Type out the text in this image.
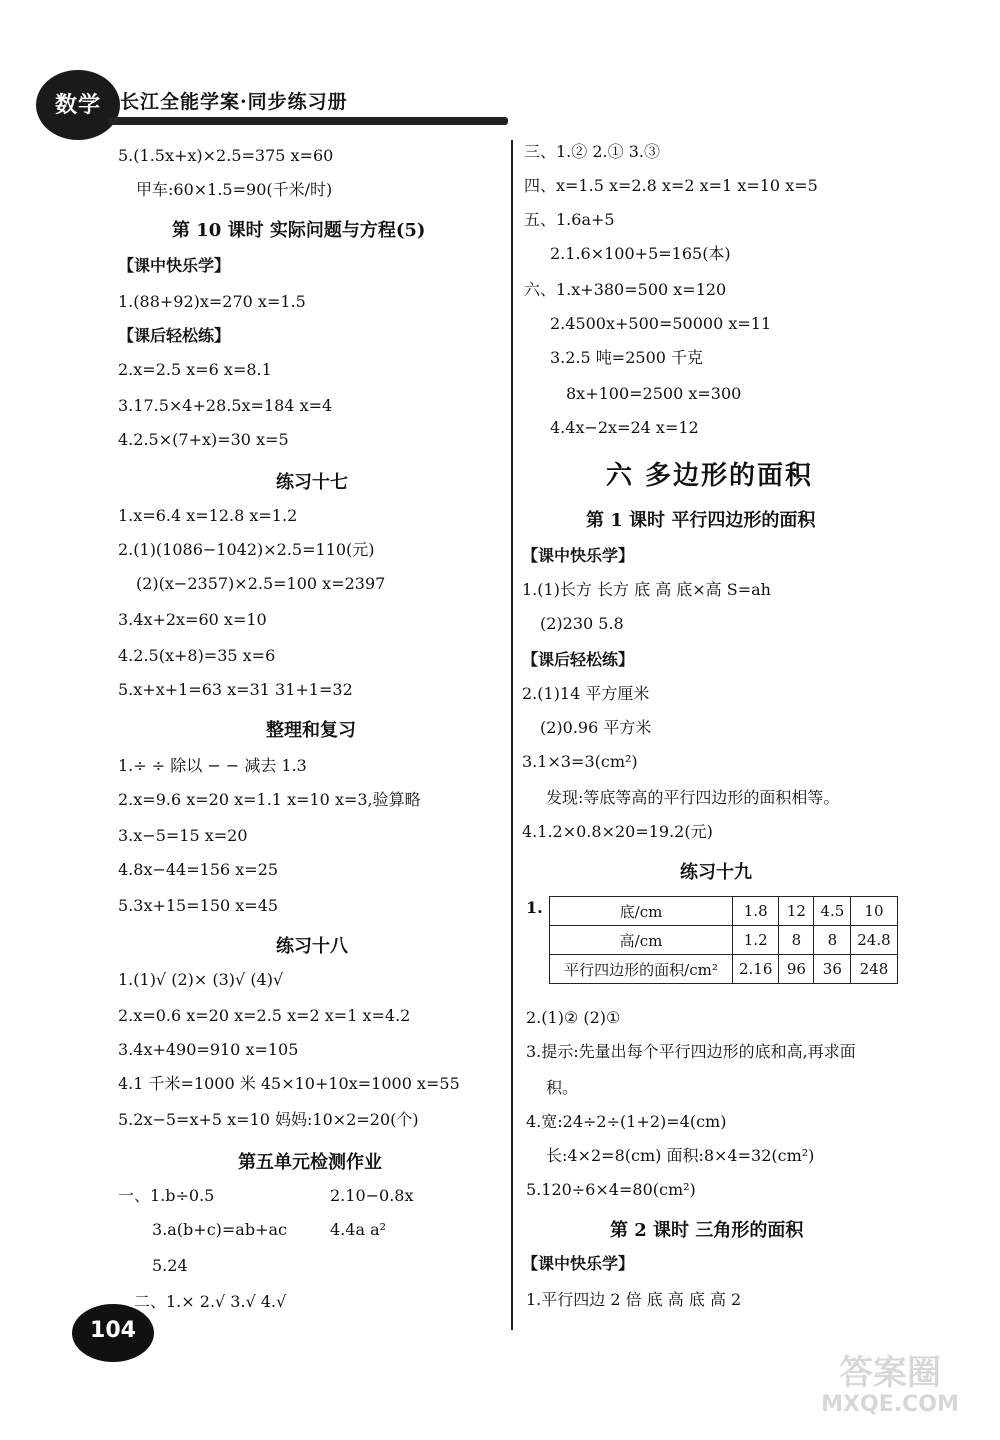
数学	长江全能学案·同步练习册
5.(1.5x+x)×2.5=375 x=60
甲车:60×1.5=90(千米/时)
第 10 课时 实际问题与方程(5)
【课中快乐学】
1.(88+92)x=270 x=1.5
【课后轻松练】
2.x=2.5 x=6 x=8.1
3.17.5×4+28.5x=184 x=4
4.2.5×(7+x)=30 x=5
练习十七
1.x=6.4 x=12.8 x=1.2
2.(1)(1086−1042)×2.5=110(元)
(2)(x−2357)×2.5=100 x=2397
3.4x+2x=60 x=10
4.2.5(x+8)=35 x=6
5.x+x+1=63 x=31 31+1=32
整理和复习
1.÷ ÷ 除以 − − 减去 1.3
2.x=9.6 x=20 x=1.1 x=10 x=3,验算略
3.x−5=15 x=20
4.8x−44=156 x=25
5.3x+15=150 x=45
练习十八
1.(1)√ (2)× (3)√ (4)√
2.x=0.6 x=20 x=2.5 x=2 x=1 x=4.2
3.4x+490=910 x=105
4.1 千米=1000 米 45×10+10x=1000 x=55
5.2x−5=x+5 x=10 妈妈:10×2=20(个)
第五单元检测作业
一、1.b÷0.5	2.10−0.8x
3.a(b+c)=ab+ac	4.4a a²
5.24
二、1.× 2.√ 3.√ 4.√
三、1.② 2.① 3.③
四、x=1.5 x=2.8 x=2 x=1 x=10 x=5
五、1.6a+5
2.1.6×100+5=165(本)
六、1.x+380=500 x=120
2.4500x+500=50000 x=11
3.2.5 吨=2500 千克
8x+100=2500 x=300
4.4x−2x=24 x=12
六 多边形的面积
第 1 课时 平行四边形的面积
【课中快乐学】
1.(1)长方 长方 底 高 底×高 S=ah
(2)230 5.8
【课后轻松练】
2.(1)14 平方厘米
(2)0.96 平方米
3.1×3=3(cm²)
发现:等底等高的平行四边形的面积相等。
4.1.2×0.8×20=19.2(元)
练习十九
1.	底/cm	1.8	12	4.5	10
高/cm	1.2	8	8	24.8
平行四边形的面积/cm²	2.16	96	36	248
2.(1)② (2)①
3.提示:先量出每个平行四边形的底和高,再求面
积。
4.宽:24÷2÷(1+2)=4(cm)
长:4×2=8(cm) 面积:8×4=32(cm²)
5.120÷6×4=80(cm²)
第 2 课时 三角形的面积
【课中快乐学】
1.平行四边 2 倍 底 高 底 高 2
104
答案圈
MXQE.COM
